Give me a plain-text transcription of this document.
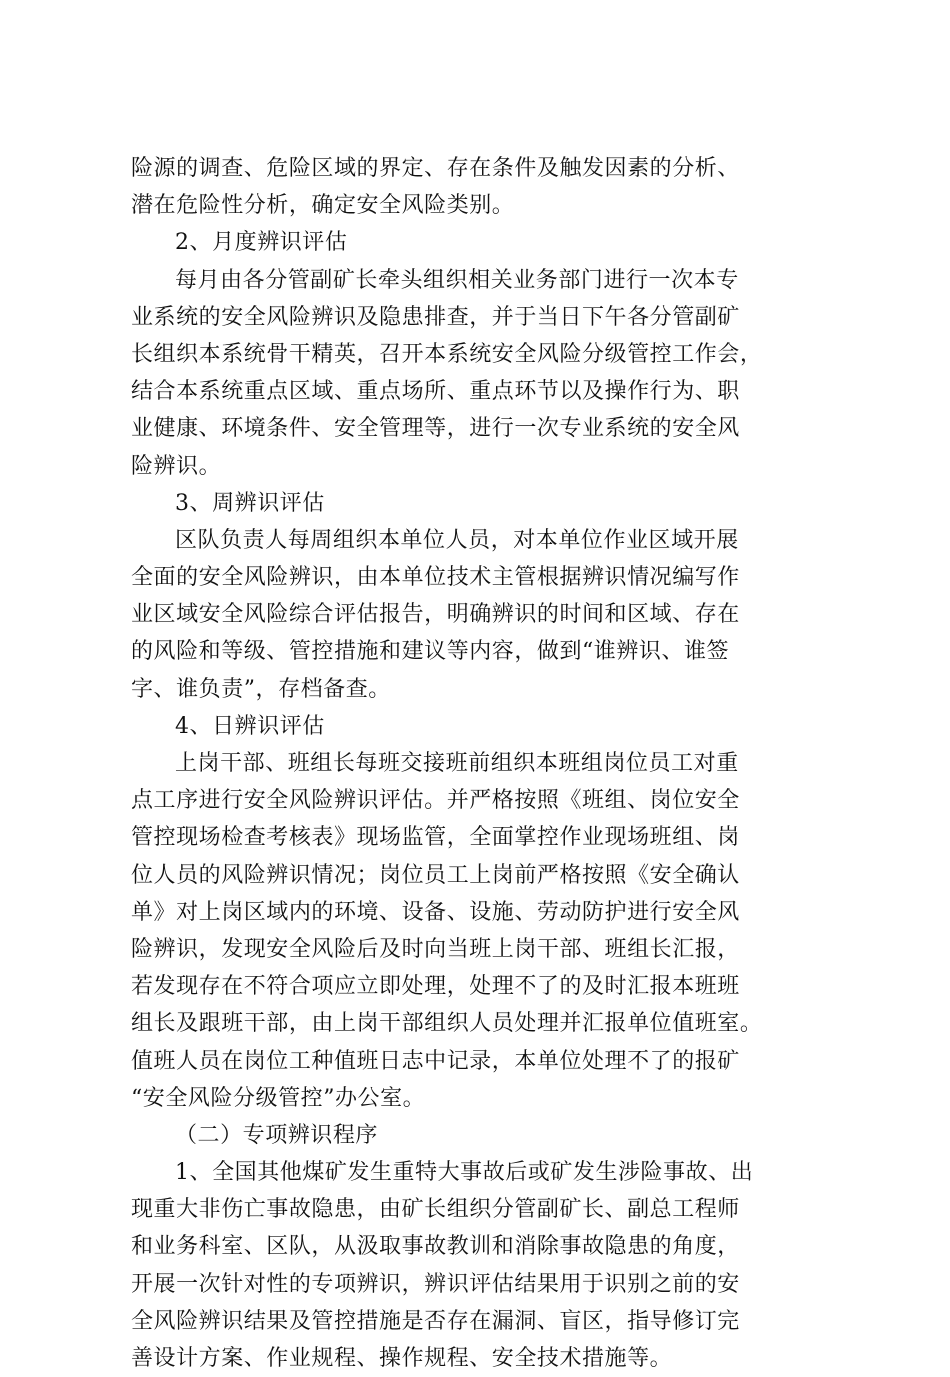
险源的调查、危险区域的界定、存在条件及触发因素的分析、
潜在危险性分析，确定安全风险类别。
2、月度辨识评估
每月由各分管副矿长牵头组织相关业务部门进行一次本专
业系统的安全风险辨识及隐患排查，并于当日下午各分管副矿
长组织本系统骨干精英，召开本系统安全风险分级管控工作会，
结合本系统重点区域、重点场所、重点环节以及操作行为、职
业健康、环境条件、安全管理等，进行一次专业系统的安全风
险辨识。
3、周辨识评估
区队负责人每周组织本单位人员，对本单位作业区域开展
全面的安全风险辨识，由本单位技术主管根据辨识情况编写作
业区域安全风险综合评估报告，明确辨识的时间和区域、存在
的风险和等级、管控措施和建议等内容，做到“谁辨识、谁签
字、谁负责”，存档备查。
4、日辨识评估
上岗干部、班组长每班交接班前组织本班组岗位员工对重
点工序进行安全风险辨识评估。并严格按照《班组、岗位安全
管控现场检查考核表》现场监管，全面掌控作业现场班组、岗
位人员的风险辨识情况；岗位员工上岗前严格按照《安全确认
单》对上岗区域内的环境、设备、设施、劳动防护进行安全风
险辨识，发现安全风险后及时向当班上岗干部、班组长汇报，
若发现存在不符合项应立即处理，处理不了的及时汇报本班班
组长及跟班干部，由上岗干部组织人员处理并汇报单位值班室。
值班人员在岗位工种值班日志中记录，本单位处理不了的报矿
“安全风险分级管控”办公室。
（二）专项辨识程序
1、全国其他煤矿发生重特大事故后或矿发生涉险事故、出
现重大非伤亡事故隐患，由矿长组织分管副矿长、副总工程师
和业务科室、区队，从汲取事故教训和消除事故隐患的角度，
开展一次针对性的专项辨识，辨识评估结果用于识别之前的安
全风险辨识结果及管控措施是否存在漏洞、盲区，指导修订完
善设计方案、作业规程、操作规程、安全技术措施等。
